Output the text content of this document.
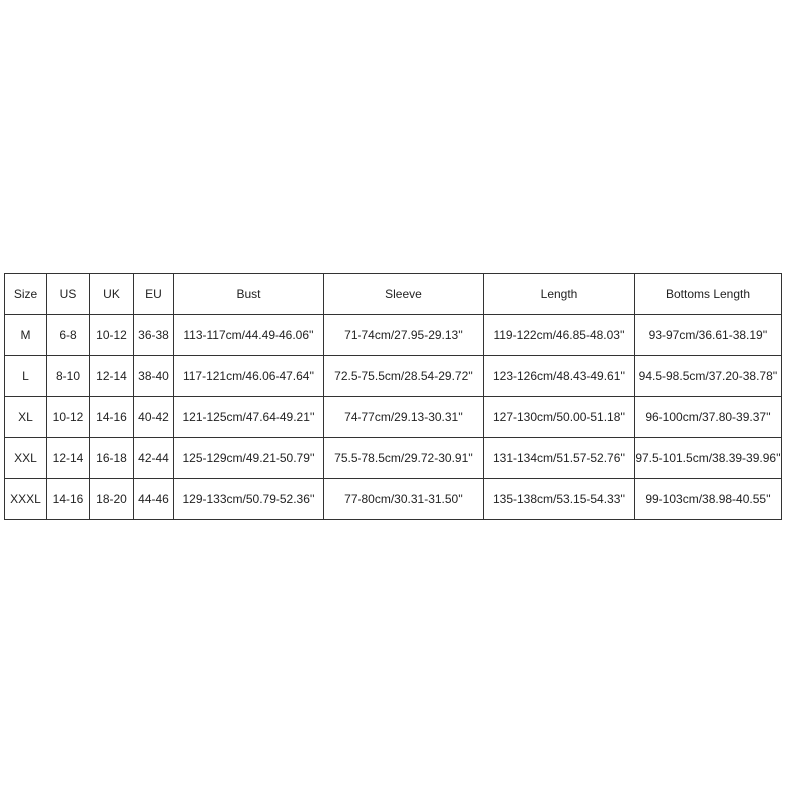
Size	US	UK	EU	Bust	Sleeve	Length	Bottoms Length
M	6-8	10-12	36-38	113-117cm/44.49-46.06''	71-74cm/27.95-29.13''	119-122cm/46.85-48.03''	93-97cm/36.61-38.19''
L	8-10	12-14	38-40	117-121cm/46.06-47.64''	72.5-75.5cm/28.54-29.72''	123-126cm/48.43-49.61''	94.5-98.5cm/37.20-38.78''
XL	10-12	14-16	40-42	121-125cm/47.64-49.21''	74-77cm/29.13-30.31''	127-130cm/50.00-51.18''	96-100cm/37.80-39.37''
XXL	12-14	16-18	42-44	125-129cm/49.21-50.79''	75.5-78.5cm/29.72-30.91''	131-134cm/51.57-52.76''	97.5-101.5cm/38.39-39.96''
XXXL	14-16	18-20	44-46	129-133cm/50.79-52.36''	77-80cm/30.31-31.50''	135-138cm/53.15-54.33''	99-103cm/38.98-40.55''
